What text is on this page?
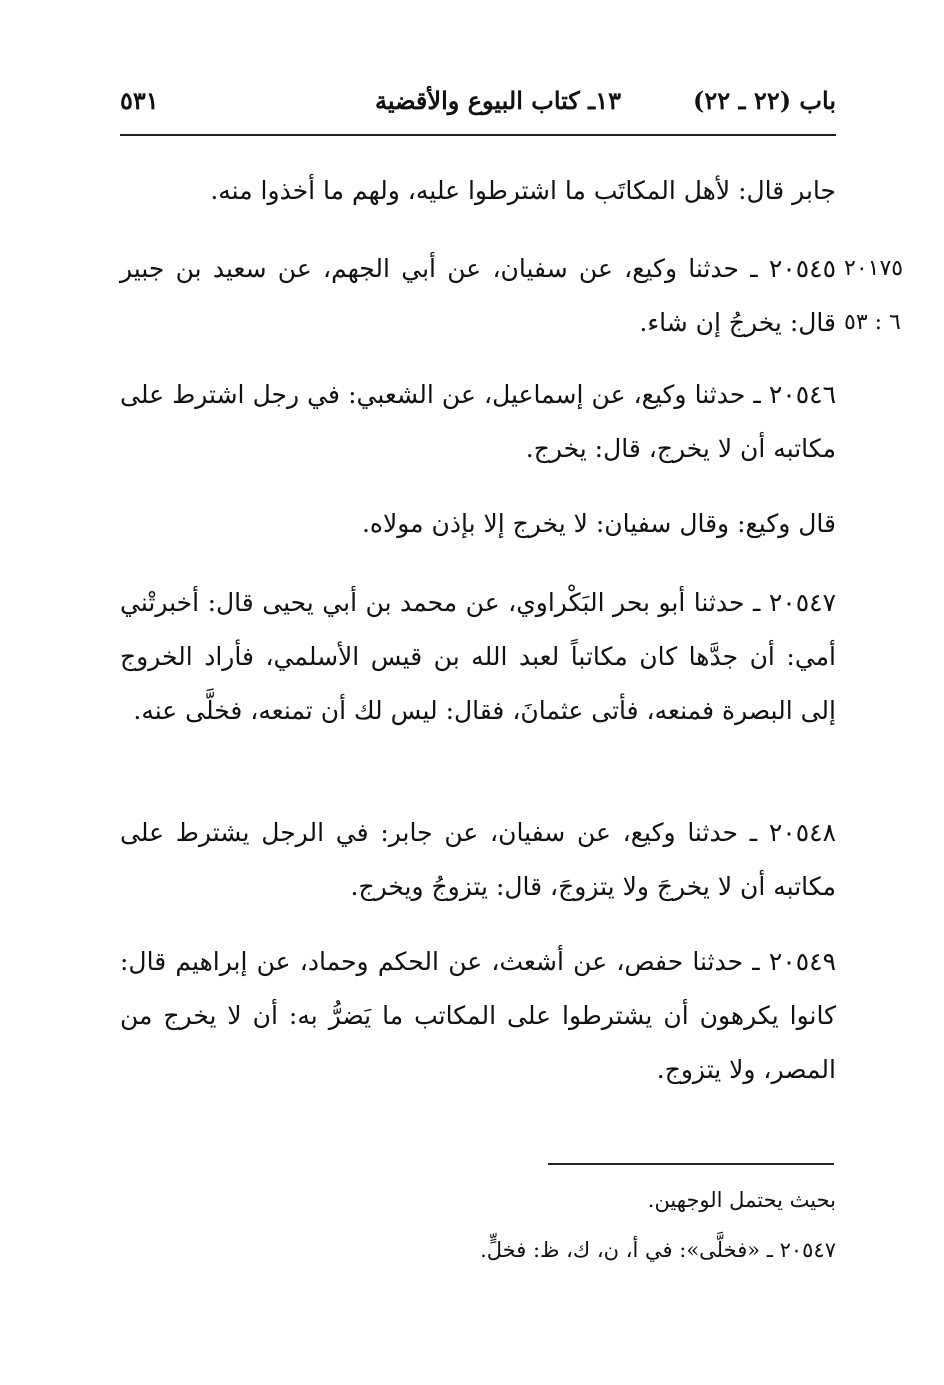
٥٣١	١٣ـ كتاب البيوع والأقضية	باب (٢٢ ـ ٢٢)
جابر قال: لأهل المكاتَب ما اشترطوا عليه، ولهم ما أخذوا منه.
٢٠١٧٥
٦ : ٥٣
٢٠٥٤٥ ـ حدثنا وكيع، عن سفيان، عن أبي الجهم، عن سعيد بن جبير قال: يخرجُ إن شاء.
٢٠٥٤٦ ـ حدثنا وكيع، عن إسماعيل، عن الشعبي: في رجل اشترط على مكاتبه أن لا يخرج، قال: يخرج.
قال وكيع: وقال سفيان: لا يخرج إلا بإذن مولاه.
٢٠٥٤٧ ـ حدثنا أبو بحر البَكْراوي، عن محمد بن أبي يحيى قال: أخبرتْني أمي: أن جدَّها كان مكاتباً لعبد الله بن قيس الأسلمي، فأراد الخروج إلى البصرة فمنعه، فأتى عثمانَ، فقال: ليس لك أن تمنعه، فخلَّى عنه.
٢٠٥٤٨ ـ حدثنا وكيع، عن سفيان، عن جابر: في الرجل يشترط على مكاتبه أن لا يخرجَ ولا يتزوجَ، قال: يتزوجُ ويخرج.
٢٠٥٤٩ ـ حدثنا حفص، عن أشعث، عن الحكم وحماد، عن إبراهيم قال: كانوا يكرهون أن يشترطوا على المكاتب ما يَضرُّ به: أن لا يخرج من المصر، ولا يتزوج.
بحيث يحتمل الوجهين.
٢٠٥٤٧ ـ «فخلَّى»: في أ، ن، ك، ظ: فخلٍّ.
